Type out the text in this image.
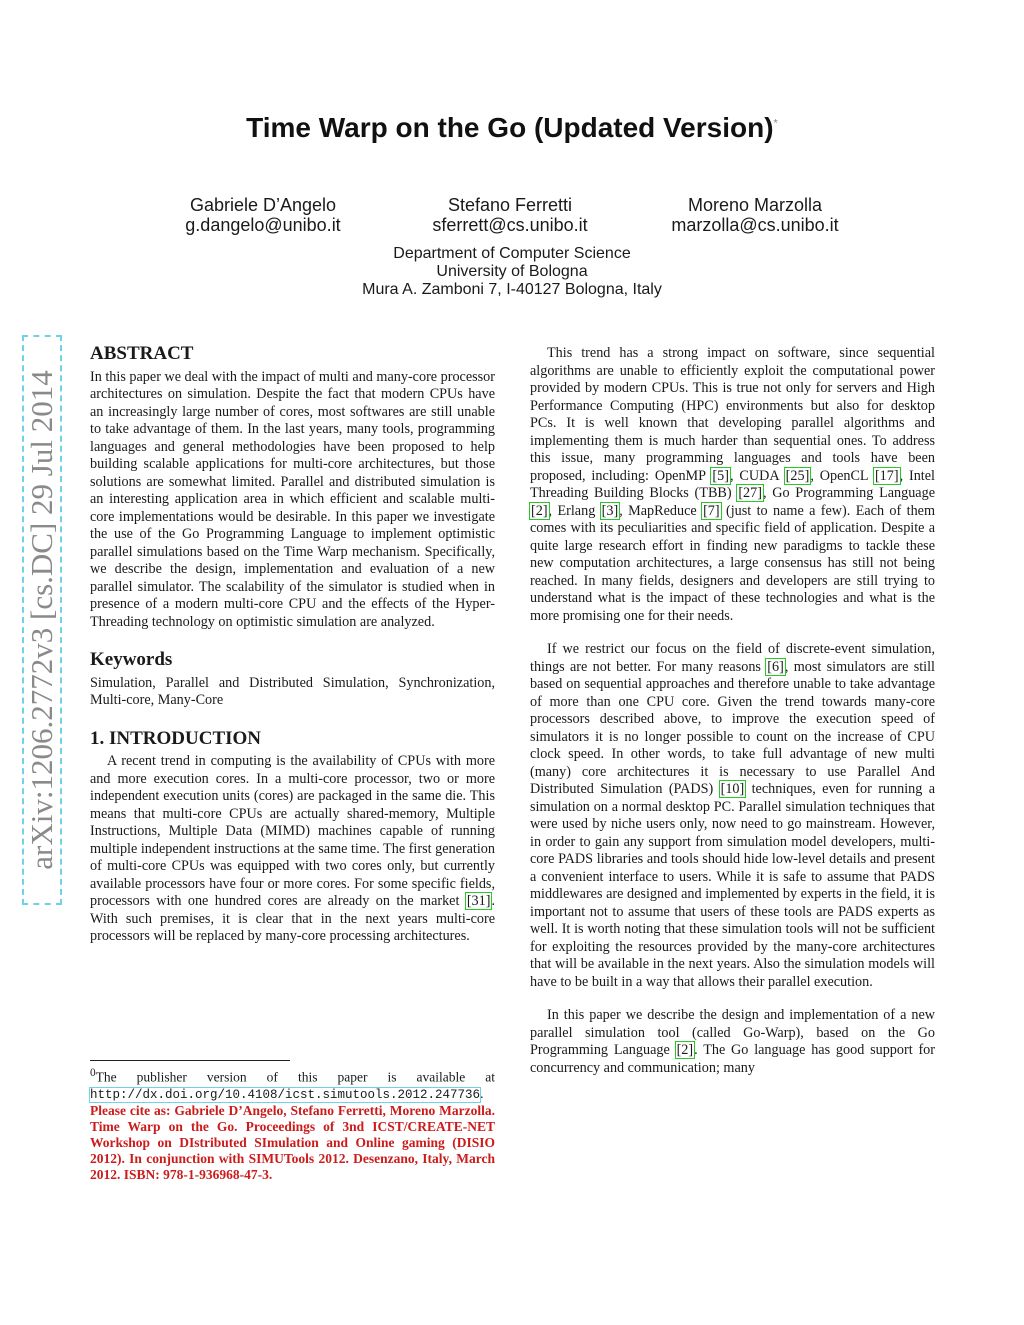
arXiv:1206.2772v3 [cs.DC] 29 Jul 2014
Time Warp on the Go (Updated Version)*
Gabriele D’Angelo
g.dangelo@unibo.it
Stefano Ferretti
sferrett@cs.unibo.it
Moreno Marzolla
marzolla@cs.unibo.it
Department of Computer Science
University of Bologna
Mura A. Zamboni 7, I-40127 Bologna, Italy
ABSTRACT

In this paper we deal with the impact of multi and many-core processor architectures on simulation. Despite the fact that modern CPUs have an increasingly large number of cores, most softwares are still unable to take advantage of them. In the last years, many tools, programming languages and general methodologies have been proposed to help building scalable applications for multi-core architectures, but those solutions are somewhat limited. Parallel and distributed simulation is an interesting application area in which efficient and scalable multi-core implementations would be desirable. In this paper we investigate the use of the Go Programming Language to implement optimistic parallel simulations based on the Time Warp mechanism. Specifically, we describe the design, implementation and evaluation of a new parallel simulator. The scalability of the simulator is studied when in presence of a modern multi-core CPU and the effects of the Hyper-Threading technology on optimistic simulation are analyzed.

Keywords

Simulation, Parallel and Distributed Simulation, Synchronization, Multi-core, Many-Core

1. INTRODUCTION

A recent trend in computing is the availability of CPUs with more and more execution cores. In a multi-core processor, two or more independent execution units (cores) are packaged in the same die. This means that multi-core CPUs are actually shared-memory, Multiple Instructions, Multiple Data (MIMD) machines capable of running multiple independent instructions at the same time. The first generation of multi-core CPUs was equipped with two cores only, but currently available processors have four or more cores. For some specific fields, processors with one hundred cores are already on the market [31]. With such premises, it is clear that in the next years multi-core processors will be replaced by many-core processing architectures.

$^0$The publisher version of this paper is available at http://dx.doi.org/10.4108/icst.simutools.2012.247736.

Please cite as: Gabriele D’Angelo, Stefano Ferretti, Moreno Marzolla. Time Warp on the Go. Proceedings of 3nd ICST/CREATE-NET Workshop on DIstributed SImulation and Online gaming (DISIO 2012). In conjunction with SIMUTools 2012. Desenzano, Italy, March 2012. ISBN: 978-1-936968-47-3.

This trend has a strong impact on software, since sequential algorithms are unable to efficiently exploit the computational power provided by modern CPUs. This is true not only for servers and High Performance Computing (HPC) environments but also for desktop PCs. It is well known that developing parallel algorithms and implementing them is much harder than sequential ones. To address this issue, many programming languages and tools have been proposed, including: OpenMP [5], CUDA [25], OpenCL [17], Intel Threading Building Blocks (TBB) [27], Go Programming Language [2], Erlang [3], MapReduce [7] (just to name a few). Each of them comes with its peculiarities and specific field of application. Despite a quite large research effort in finding new paradigms to tackle these new computation architectures, a large consensus has still not being reached. In many fields, designers and developers are still trying to understand what is the impact of these technologies and what is the more promising one for their needs.

If we restrict our focus on the field of discrete-event simulation, things are not better. For many reasons [6], most simulators are still based on sequential approaches and therefore unable to take advantage of more than one CPU core. Given the trend towards many-core processors described above, to improve the execution speed of simulators it is no longer possible to count on the increase of CPU clock speed. In other words, to take full advantage of new multi (many) core architectures it is necessary to use Parallel And Distributed Simulation (PADS) [10] techniques, even for running a simulation on a normal desktop PC. Parallel simulation techniques that were used by niche users only, now need to go mainstream. However, in order to gain any support from simulation model developers, multi-core PADS libraries and tools should hide low-level details and present a convenient interface to users. While it is safe to assume that PADS middlewares are designed and implemented by experts in the field, it is important not to assume that users of these tools are PADS experts as well. It is worth noting that these simulation tools will not be sufficient for exploiting the resources provided by the many-core architectures that will be available in the next years. Also the simulation models will have to be built in a way that allows their parallel execution.

In this paper we describe the design and implementation of a new parallel simulation tool (called Go-Warp), based on the Go Programming Language [2]. The Go language has good support for concurrency and communication; many
